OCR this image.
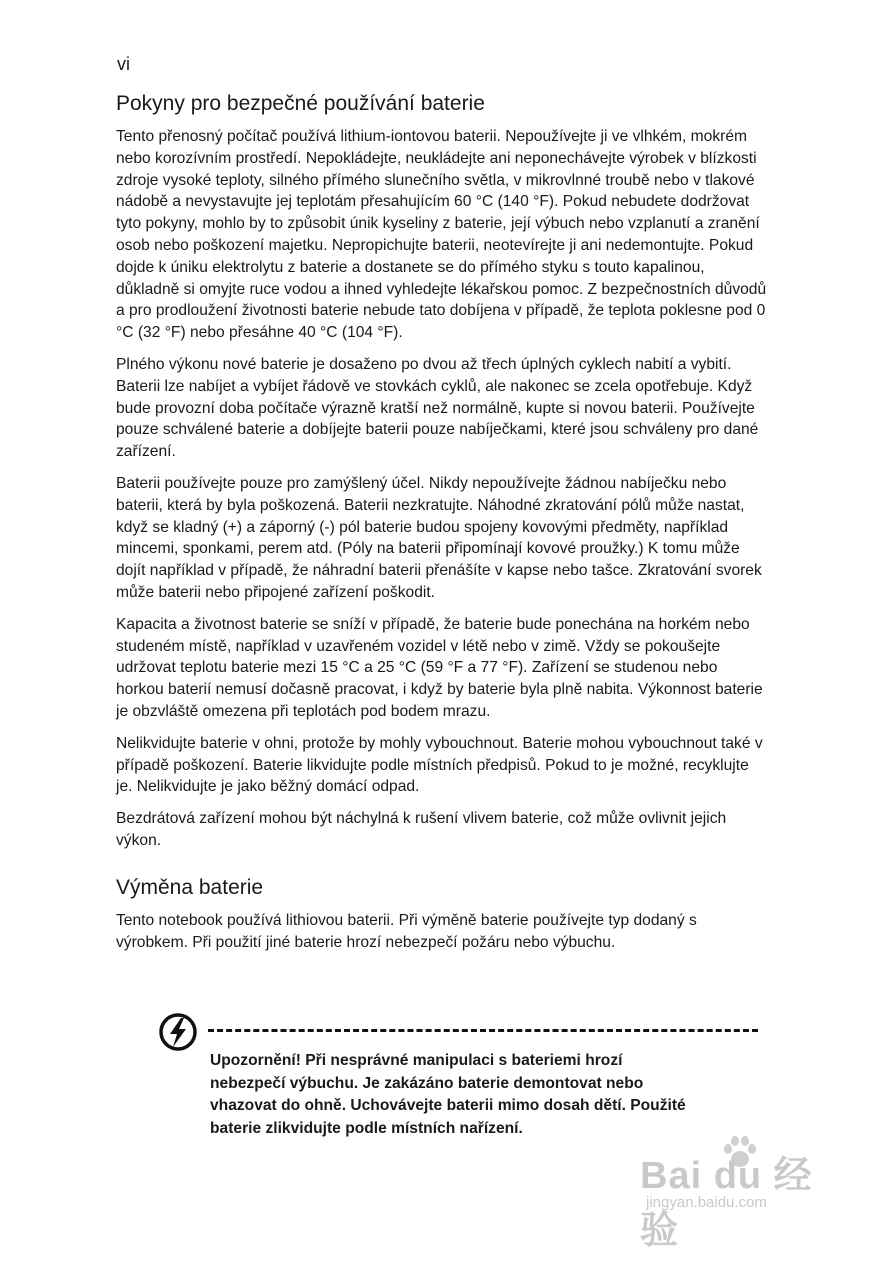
vi
Pokyny pro bezpečné používání baterie

Tento přenosný počítač používá lithium-iontovou baterii. Nepoužívejte ji ve vlhkém, mokrém nebo korozívním prostředí. Nepokládejte, neukládejte ani neponechávejte výrobek v blízkosti zdroje vysoké teploty, silného přímého slunečního světla, v mikrovlnné troubě nebo v tlakové nádobě a nevystavujte jej teplotám přesahujícím 60 °C (140 °F). Pokud nebudete dodržovat tyto pokyny, mohlo by to způsobit únik kyseliny z baterie, její výbuch nebo vzplanutí a zranění osob nebo poškození majetku. Nepropichujte baterii, neotevírejte ji ani nedemontujte. Pokud dojde k úniku elektrolytu z baterie a dostanete se do přímého styku s touto kapalinou, důkladně si omyjte ruce vodou a ihned vyhledejte lékařskou pomoc. Z bezpečnostních důvodů a pro prodloužení životnosti baterie nebude tato dobíjena v případě, že teplota poklesne pod 0 °C (32 °F) nebo přesáhne 40 °C (104 °F).

Plného výkonu nové baterie je dosaženo po dvou až třech úplných cyklech nabití a vybití. Baterii lze nabíjet a vybíjet řádově ve stovkách cyklů, ale nakonec se zcela opotřebuje. Když bude provozní doba počítače výrazně kratší než normálně, kupte si novou baterii. Používejte pouze schválené baterie a dobíjejte baterii pouze nabíječkami, které jsou schváleny pro dané zařízení.

Baterii používejte pouze pro zamýšlený účel. Nikdy nepoužívejte žádnou nabíječku nebo baterii, která by byla poškozená. Baterii nezkratujte. Náhodné zkratování pólů může nastat, když se kladný (+) a záporný (-) pól baterie budou spojeny kovovými předměty, například mincemi, sponkami, perem atd. (Póly na baterii připomínají kovové proužky.) K tomu může dojít například v případě, že náhradní baterii přenášíte v kapse nebo tašce. Zkratování svorek může baterii nebo připojené zařízení poškodit.

Kapacita a životnost baterie se sníží v případě, že baterie bude ponechána na horkém nebo studeném místě, například v uzavřeném vozidel v létě nebo v zimě. Vždy se pokoušejte udržovat teplotu baterie mezi 15 °C a 25 °C (59 °F a 77 °F). Zařízení se studenou nebo horkou baterií nemusí dočasně pracovat, i když by baterie byla plně nabita. Výkonnost baterie je obzvláště omezena při teplotách pod bodem mrazu.

Nelikvidujte baterie v ohni, protože by mohly vybouchnout. Baterie mohou vybouchnout také v případě poškození. Baterie likvidujte podle místních předpisů. Pokud to je možné, recyklujte je. Nelikvidujte je jako běžný domácí odpad.

Bezdrátová zařízení mohou být náchylná k rušení vlivem baterie, což může ovlivnit jejich výkon.

Výměna baterie

Tento notebook používá lithiovou baterii. Při výměně baterie používejte typ dodaný s výrobkem. Při použití jiné baterie hrozí nebezpečí požáru nebo výbuchu.

Upozornění! Při nesprávné manipulaci s bateriemi hrozí nebezpečí výbuchu. Je zakázáno baterie demontovat nebo vhazovat do ohně. Uchovávejte baterii mimo dosah dětí. Použité baterie zlikvidujte podle místních nařízení.
Bai du 经验
jingyan.baidu.com
